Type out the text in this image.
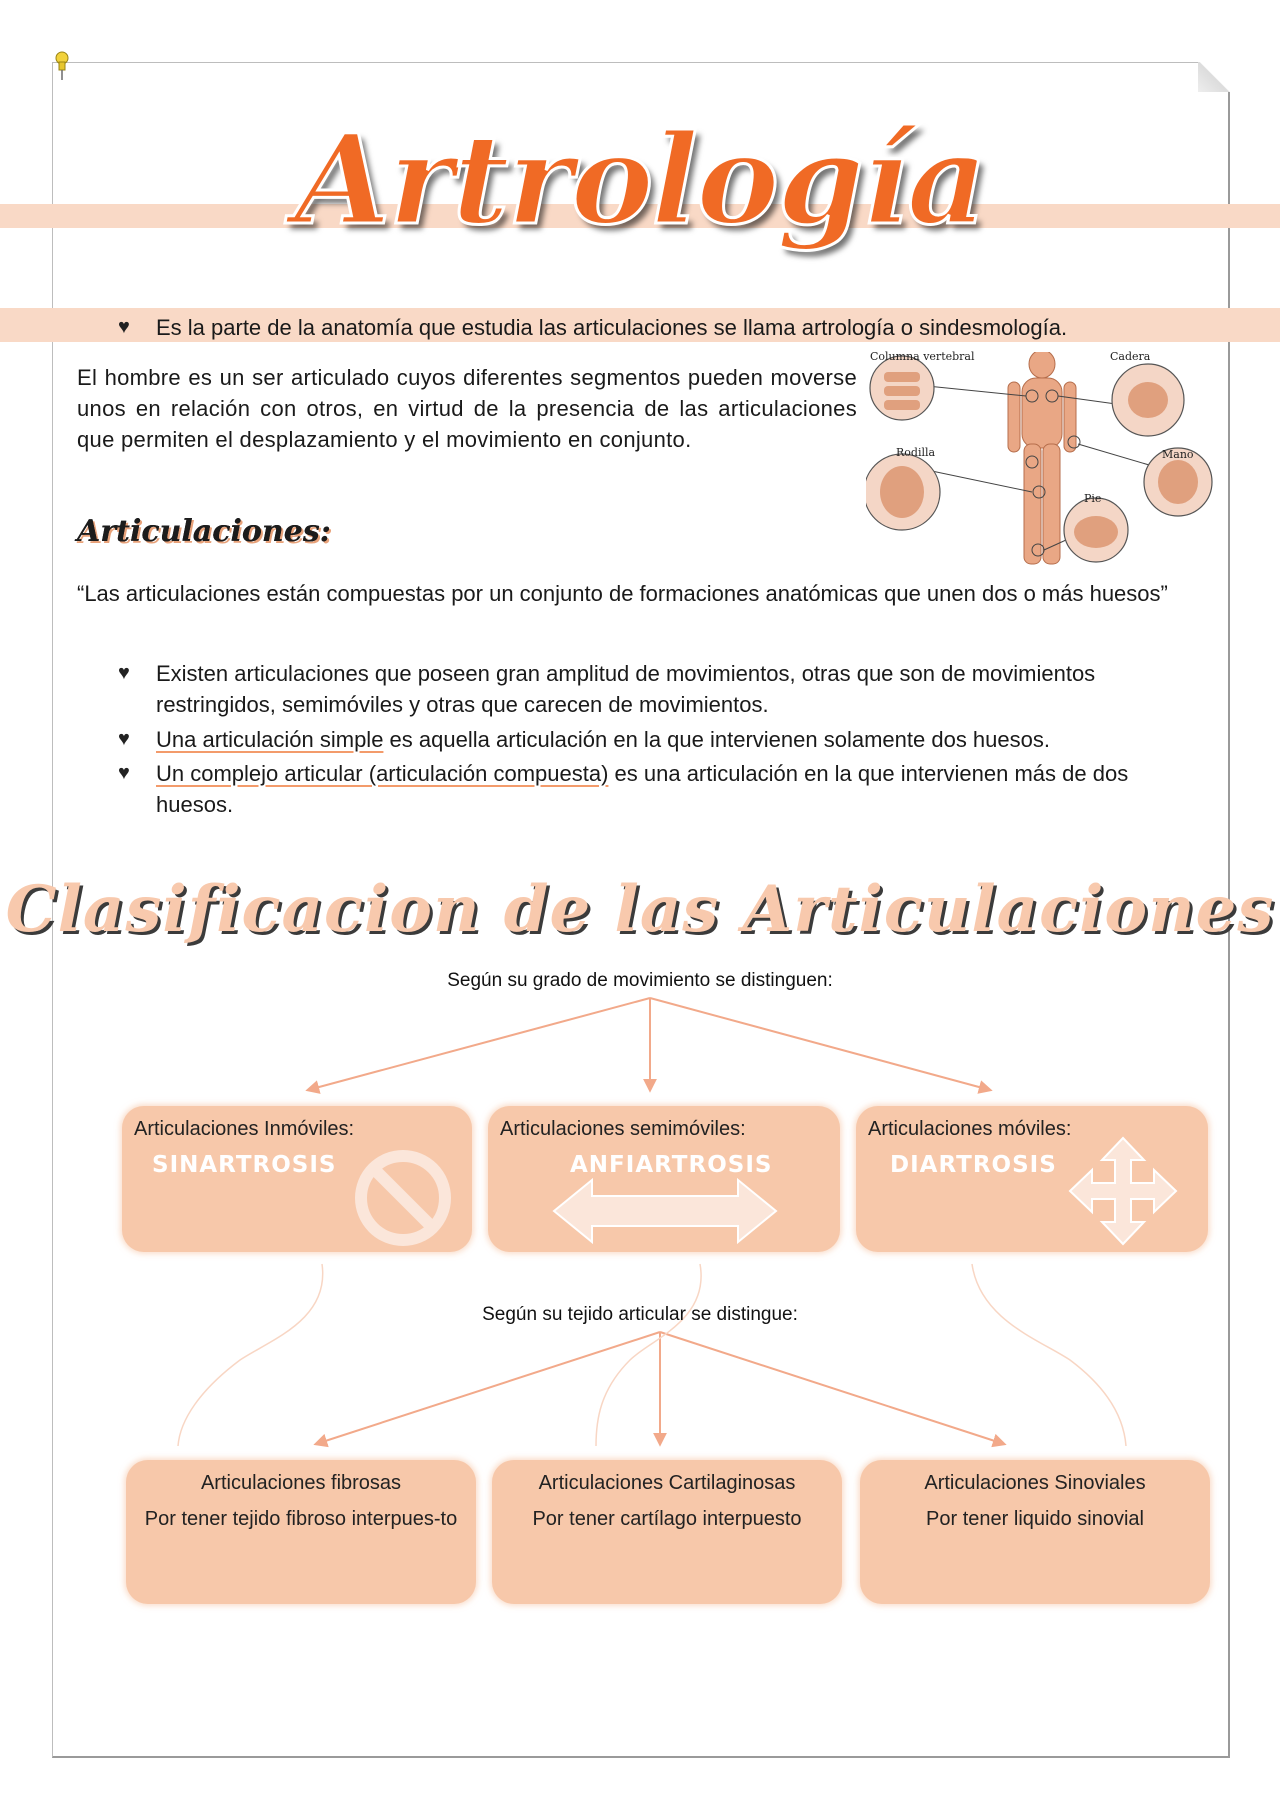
Artrología
♥ Es la parte de la anatomía que estudia las articulaciones se llama artrología o sindesmología.
El hombre es un ser articulado cuyos diferentes segmentos pueden moverse unos en relación con otros, en virtud de la presencia de las articulaciones que permiten el desplazamiento y el movimiento en conjunto.
Columna vertebral	Cadera
Rodilla	Mano
Pie
Articulaciones:
“Las articulaciones están compuestas por un conjunto de formaciones anatómicas que unen dos o más huesos”
♥ Existen articulaciones que poseen gran amplitud de movimientos, otras que son de movimientos restringidos, semimóviles y otras que carecen de movimientos.
♥ Una articulación simple es aquella articulación en la que intervienen solamente dos huesos.
♥ Un complejo articular (articulación compuesta) es una articulación en la que intervienen más de dos huesos.
Clasificacion de las Articulaciones
Según su grado de movimiento se distinguen:
Articulaciones Inmóviles:
SINARTROSIS
Articulaciones semimóviles:
ANFIARTROSIS
Articulaciones móviles:
DIARTROSIS
Según su tejido articular se distingue:
Articulaciones fibrosas
Por tener tejido fibroso interpues-to
Articulaciones Cartilaginosas
Por tener cartílago interpuesto
Articulaciones Sinoviales
Por tener liquido sinovial
